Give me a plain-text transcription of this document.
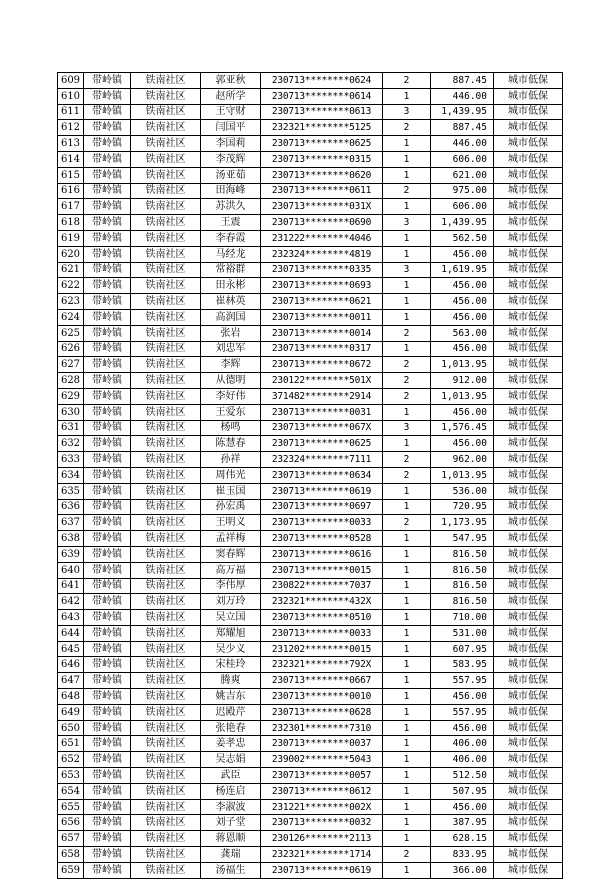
609	带岭镇	铁南社区	郭亚秋	230713********0624	2	887.45	城市低保
610	带岭镇	铁南社区	赵所学	230713********0614	1	446.00	城市低保
611	带岭镇	铁南社区	王守财	230713********0613	3	1,439.95	城市低保
612	带岭镇	铁南社区	闫国平	232321********5125	2	887.45	城市低保
613	带岭镇	铁南社区	李国莉	230713********0625	1	446.00	城市低保
614	带岭镇	铁南社区	李茂辉	230713********0315	1	606.00	城市低保
615	带岭镇	铁南社区	汤亚茹	230713********0620	1	621.00	城市低保
616	带岭镇	铁南社区	田海峰	230713********0611	2	975.00	城市低保
617	带岭镇	铁南社区	苏洪久	230713********031X	1	606.00	城市低保
618	带岭镇	铁南社区	王震	230713********0690	3	1,439.95	城市低保
619	带岭镇	铁南社区	李春霞	231222********4046	1	562.50	城市低保
620	带岭镇	铁南社区	马经龙	232324********4819	1	456.00	城市低保
621	带岭镇	铁南社区	常裕群	230713********0335	3	1,619.95	城市低保
622	带岭镇	铁南社区	田永彬	230713********0693	1	456.00	城市低保
623	带岭镇	铁南社区	崔林英	230713********0621	1	456.00	城市低保
624	带岭镇	铁南社区	高润国	230713********0011	1	456.00	城市低保
625	带岭镇	铁南社区	张岩	230713********0014	2	563.00	城市低保
626	带岭镇	铁南社区	刘忠军	230713********0317	1	456.00	城市低保
627	带岭镇	铁南社区	李辉	230713********0672	2	1,013.95	城市低保
628	带岭镇	铁南社区	从德明	230122********501X	2	912.00	城市低保
629	带岭镇	铁南社区	李好伟	371482********2914	2	1,013.95	城市低保
630	带岭镇	铁南社区	王爱东	230713********0031	1	456.00	城市低保
631	带岭镇	铁南社区	杨鸣	230713********067X	3	1,576.45	城市低保
632	带岭镇	铁南社区	陈慧春	230713********0625	1	456.00	城市低保
633	带岭镇	铁南社区	孙祥	232324********7111	2	962.00	城市低保
634	带岭镇	铁南社区	周伟光	230713********0634	2	1,013.95	城市低保
635	带岭镇	铁南社区	崔玉国	230713********0619	1	536.00	城市低保
636	带岭镇	铁南社区	孙宏禹	230713********0697	1	720.95	城市低保
637	带岭镇	铁南社区	王明义	230713********0033	2	1,173.95	城市低保
638	带岭镇	铁南社区	孟祥梅	230713********0528	1	547.95	城市低保
639	带岭镇	铁南社区	窦春辉	230713********0616	1	816.50	城市低保
640	带岭镇	铁南社区	高万福	230713********0015	1	816.50	城市低保
641	带岭镇	铁南社区	李伟厚	230822********7037	1	816.50	城市低保
642	带岭镇	铁南社区	刘万玲	232321********432X	1	816.50	城市低保
643	带岭镇	铁南社区	吴立国	230713********0510	1	710.00	城市低保
644	带岭镇	铁南社区	郑耀旭	230713********0033	1	531.00	城市低保
645	带岭镇	铁南社区	吴少义	231202********0015	1	607.95	城市低保
646	带岭镇	铁南社区	宋桂玲	232321********792X	1	583.95	城市低保
647	带岭镇	铁南社区	腾爽	230713********0667	1	557.95	城市低保
648	带岭镇	铁南社区	姚吉东	230713********0010	1	456.00	城市低保
649	带岭镇	铁南社区	迟殿芹	230713********0628	1	557.95	城市低保
650	带岭镇	铁南社区	张艳春	232301********7310	1	456.00	城市低保
651	带岭镇	铁南社区	姜孝忠	230713********0037	1	406.00	城市低保
652	带岭镇	铁南社区	吴志娟	239002********5043	1	406.00	城市低保
653	带岭镇	铁南社区	武臣	230713********0057	1	512.50	城市低保
654	带岭镇	铁南社区	杨连启	230713********0612	1	507.95	城市低保
655	带岭镇	铁南社区	李淑波	231221********002X	1	456.00	城市低保
656	带岭镇	铁南社区	刘子堂	230713********0032	1	387.95	城市低保
657	带岭镇	铁南社区	蒋恩顺	230126********2113	1	628.15	城市低保
658	带岭镇	铁南社区	龚瑞	232321********1714	2	833.95	城市低保
659	带岭镇	铁南社区	汤福生	230713********0619	1	366.00	城市低保
